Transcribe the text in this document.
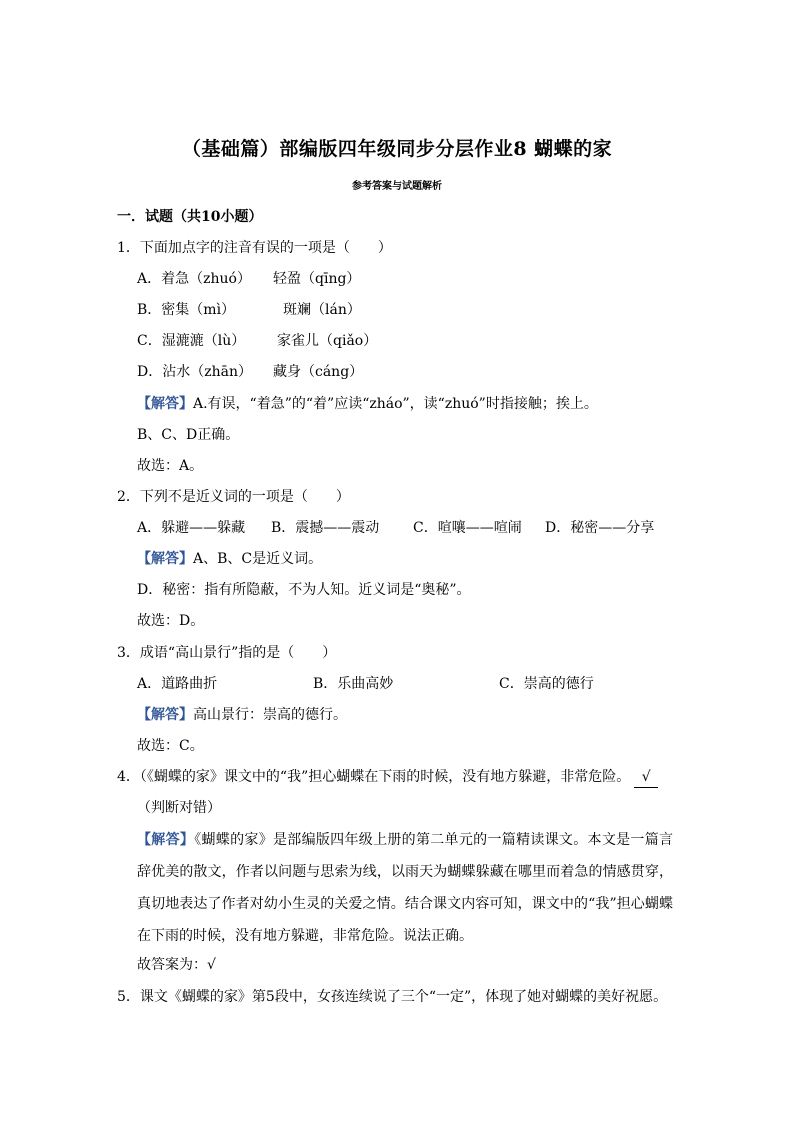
（基础篇）部编版四年级同步分层作业8 蝴蝶的家
参考答案与试题解析
一．试题（共10小题）
1．下面加点字的注音有误的一项是（　　）
A．着急（zhuó） 轻盈（qīng）
B．密集（mì）	斑斓（lán）
C．湿漉漉（lù） 家雀儿（qiǎo）
D．沾水（zhān） 藏身（cáng）
【解答】A.有误，“着急”的“着”应读“zháo”，读“zhuó”时指接触；挨上。
B、C、D正确。
故选：A。
2．下列不是近义词的一项是（　　）
A．躲避——躲藏 B．震撼——震动 C．喧嚷——喧闹 D．秘密——分享
【解答】A、B、C是近义词。
D．秘密：指有所隐蔽，不为人知。近义词是“奥秘”。
故选：D。
3．成语“高山景行”指的是（　　）
A．道路曲折	B．乐曲高妙	C．崇高的德行
【解答】高山景行：崇高的德行。
故选：C。
4．（《蝴蝶的家》课文中的“我”担心蝴蝶在下雨的时候，没有地方躲避，非常危险。 √
（判断对错）
【解答】《蝴蝶的家》是部编版四年级上册的第二单元的一篇精读课文。本文是一篇言辞优美的散文，作者以问题与思索为线，以雨天为蝴蝶躲藏在哪里而着急的情感贯穿，真切地表达了作者对幼小生灵的关爱之情。结合课文内容可知，课文中的“我”担心蝴蝶在下雨的时候，没有地方躲避，非常危险。说法正确。
故答案为：√
5．课文《蝴蝶的家》第5段中，女孩连续说了三个“一定”，体现了她对蝴蝶的美好祝愿。
